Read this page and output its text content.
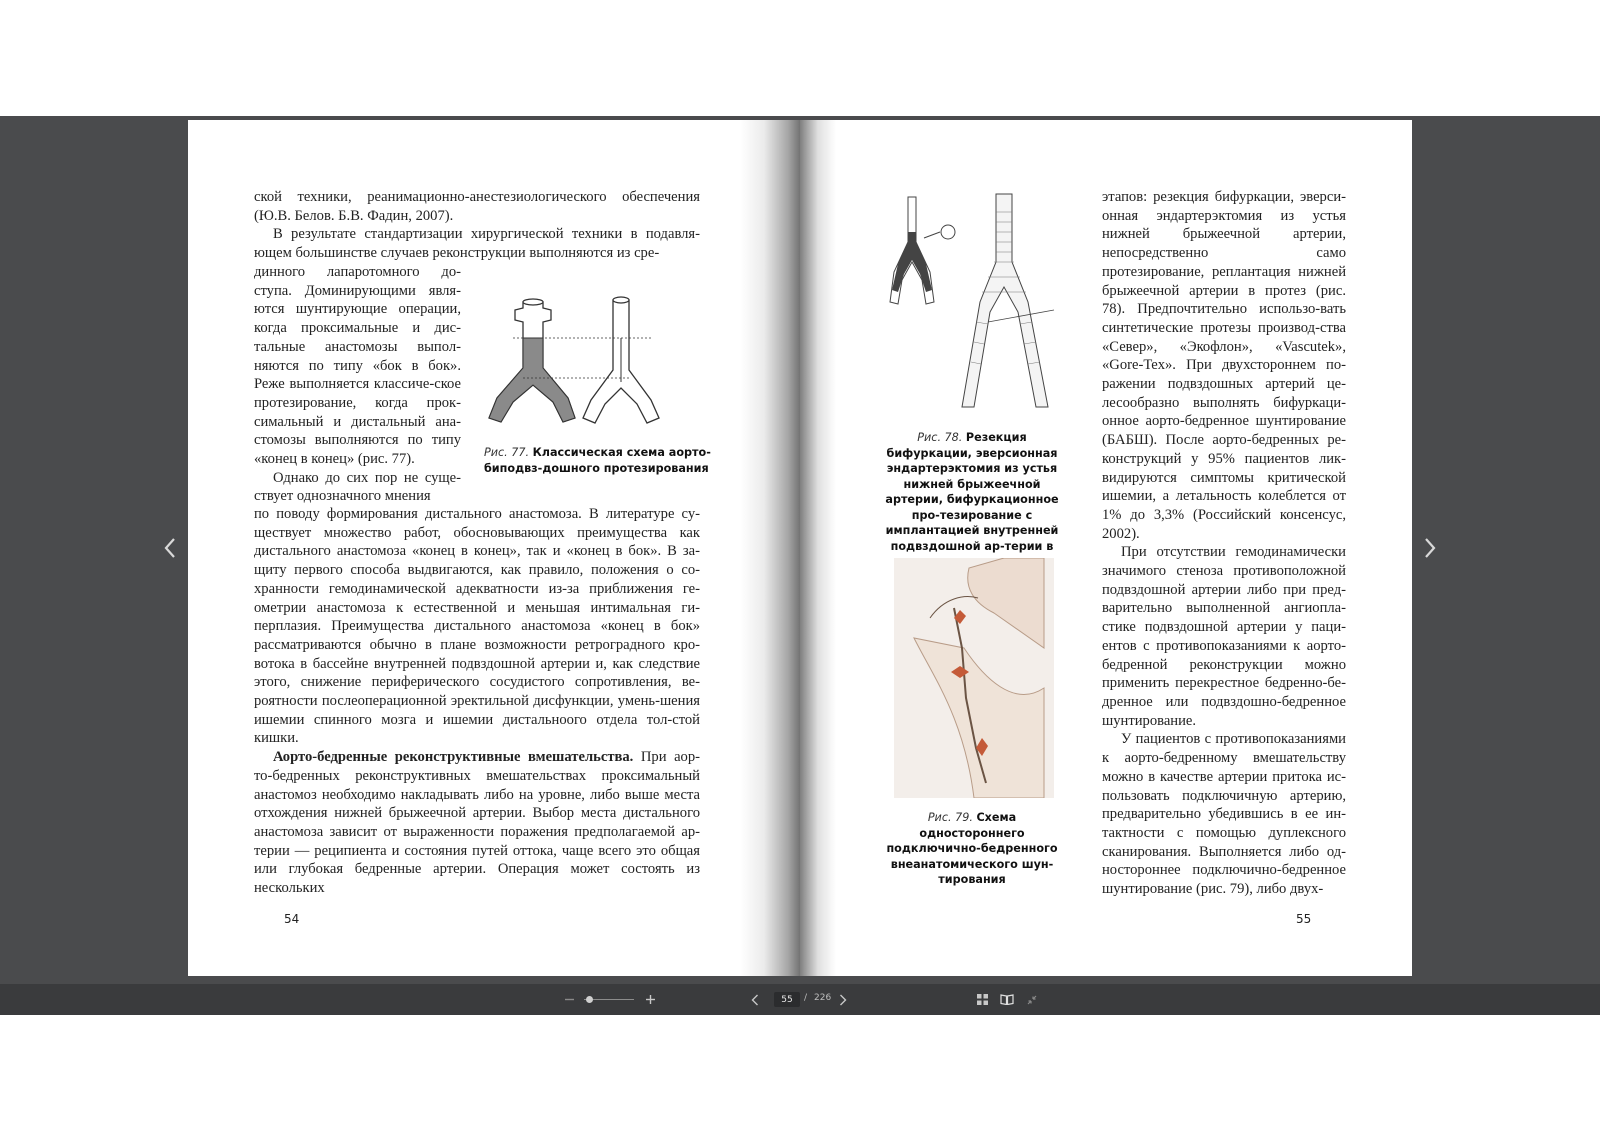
ской техники, реанимационно-анестезиологического обеспечения (Ю.В. Белов. Б.В. Фадин, 2007).

В результате стандартизации хирургической техники в подавля-ющем большинстве случаев реконструкции выполняются из сре-

динного лапаротомного до-ступа. Доминирующими явля-ются шунтирующие операции, когда проксимальные и дис-тальные анастомозы выпол-няются по типу «бок в бок». Реже выполняется классиче-ское протезирование, когда прок-симальный и дистальный ана-стомозы выполняются по типу «конец в конец» (рис. 77).

Однако до сих пор не суще-ствует однозначного мнения

Рис. 77. Классическая схема аорто-биподвз-дошного протезирования

по поводу формирования дистального анастомоза. В литературе су-ществует множество работ, обосновывающих преимущества как дистального анастомоза «конец в конец», так и «конец в бок». В за-щиту первого способа выдвигаются, как правило, положения о со-хранности гемодинамической адекватности из-за приближения ге-ометрии анастомоза к естественной и меньшая интимальная ги-перплазия. Преимущества дистального анастомоза «конец в бок» рассматриваются обычно в плане возможности ретроградного кро-вотока в бассейне внутренней подвздошной артерии и, как следствие этого, снижение периферического сосудистого сопротивления, ве-роятности послеоперационной эректильной дисфункции, умень-шения ишемии спинного мозга и ишемии дистальноого отдела тол-стой кишки.

Аорто-бедренные реконструктивные вмешательства. При аор-то-бедренных реконструктивных вмешательствах проксимальный анастомоз необходимо накладывать либо на уровне, либо выше места отхождения нижней брыжеечной артерии. Выбор места дистального анастомоза зависит от выраженности поражения предполагаемой ар-терии — реципиента и состояния путей оттока, чаще всего это общая или глубокая бедренные артерии. Операция может состоять из нескольких

54
Рис. 78. Резекция бифуркации, эверсионная эндартерэктомия из устья нижней брыжеечной артерии, бифуркационное про-тезирование с имплантацией внутренней подвздошной ар-терии в
Рис. 79. Схема одностороннего подключично-бедренного внеанатомического шун-тирования

этапов: резекция бифуркации, эверси-онная эндартерэктомия из устья нижней брыжеечной артерии, непосредственно само протезирование, реплантация нижней брыжеечной артерии в протез (рис. 78). Предпочтительно использо-вать синтетические протезы производ-ства «Север», «Экофлон», «Vascutek», «Gore-Tex». При двухстороннем по-ражении подвздошных артерий це-лесообразно выполнять бифуркаци-онное аорто-бедренное шунтирование (БАБШ). После аорто-бедренных ре-конструкций у 95% пациентов лик-видируются симптомы критической ишемии, а летальность колеблется от 1% до 3,3% (Российский консенсус, 2002).

При отсутствии гемодинамически значимого стеноза противоположной подвздошной артерии либо при пред-варительно выполненной ангиопла-стике подвздошной артерии у паци-ентов с противопоказаниями к аорто-бедренной реконструкции можно применить перекрестное бедренно-бе-дренное или подвздошно-бедренное шунтирование.

У пациентов с противопоказаниями к аорто-бедренному вмешательству можно в качестве артерии притока ис-пользовать подключичную артерию, предварительно убедившись в ее ин-тактности с помощью дуплексного сканирования. Выполняется либо од-ностороннее подключично-бедренное шунтирование (рис. 79), либо двух-

55
55
/ 226
